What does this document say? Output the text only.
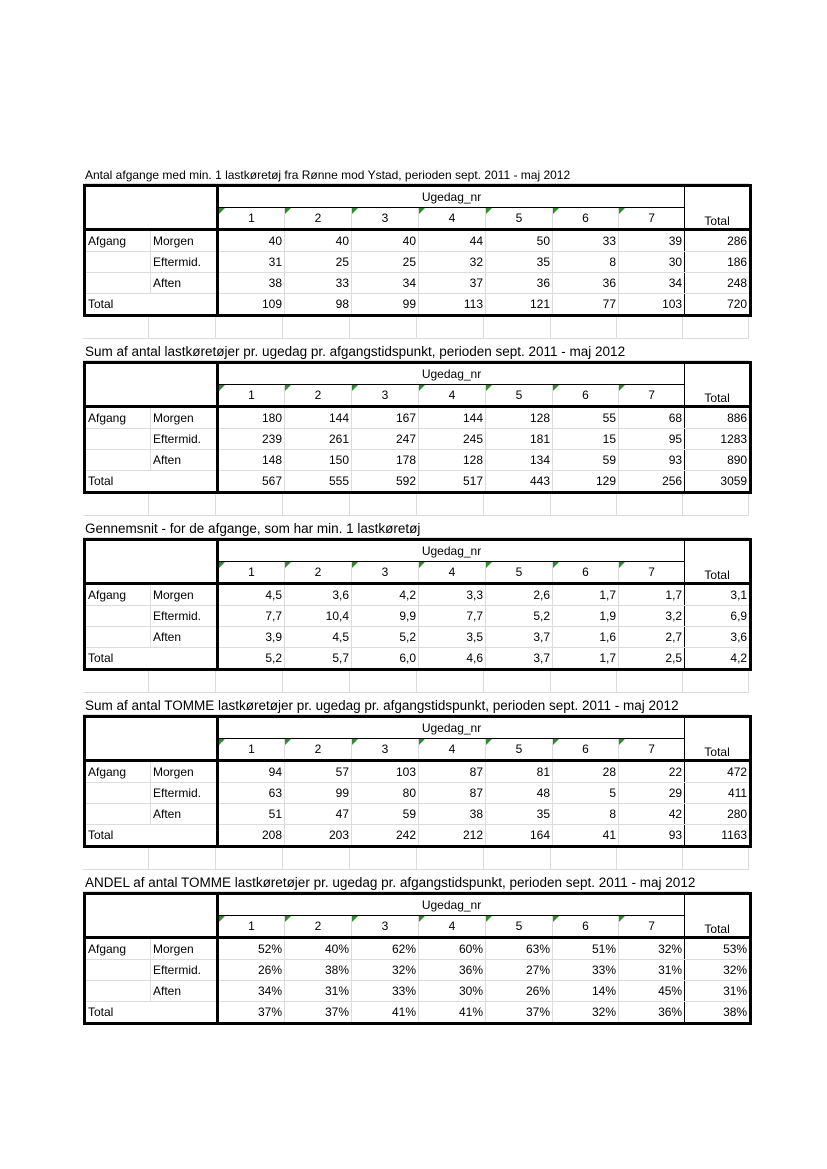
Antal afgange med min. 1 lastkøretøj fra Rønne mod Ystad, perioden sept. 2011 - maj 2012
		Ugedag_nr							Total
		1	2	3	4	5	6	7	
Afgang	Morgen	40	40	40	44	50	33	39	286
	Eftermid.	31	25	25	32	35	8	30	186
	Aften	38	33	34	37	36	36	34	248
Total		109	98	99	113	121	77	103	720
Sum af antal lastkøretøjer pr. ugedag pr. afgangstidspunkt, perioden sept. 2011 - maj 2012
		Ugedag_nr							Total
		1	2	3	4	5	6	7	
Afgang	Morgen	180	144	167	144	128	55	68	886
	Eftermid.	239	261	247	245	181	15	95	1283
	Aften	148	150	178	128	134	59	93	890
Total		567	555	592	517	443	129	256	3059
Gennemsnit - for de afgange, som har min. 1 lastkøretøj
		Ugedag_nr							Total
		1	2	3	4	5	6	7	
Afgang	Morgen	4,5	3,6	4,2	3,3	2,6	1,7	1,7	3,1
	Eftermid.	7,7	10,4	9,9	7,7	5,2	1,9	3,2	6,9
	Aften	3,9	4,5	5,2	3,5	3,7	1,6	2,7	3,6
Total		5,2	5,7	6,0	4,6	3,7	1,7	2,5	4,2
Sum af antal TOMME lastkøretøjer pr. ugedag pr. afgangstidspunkt, perioden sept. 2011 - maj 2012
		Ugedag_nr							Total
		1	2	3	4	5	6	7	
Afgang	Morgen	94	57	103	87	81	28	22	472
	Eftermid.	63	99	80	87	48	5	29	411
	Aften	51	47	59	38	35	8	42	280
Total		208	203	242	212	164	41	93	1163
ANDEL af antal TOMME lastkøretøjer pr. ugedag pr. afgangstidspunkt, perioden sept. 2011 - maj 2012
		Ugedag_nr							Total
		1	2	3	4	5	6	7	
Afgang	Morgen	52%	40%	62%	60%	63%	51%	32%	53%
	Eftermid.	26%	38%	32%	36%	27%	33%	31%	32%
	Aften	34%	31%	33%	30%	26%	14%	45%	31%
Total		37%	37%	41%	41%	37%	32%	36%	38%
